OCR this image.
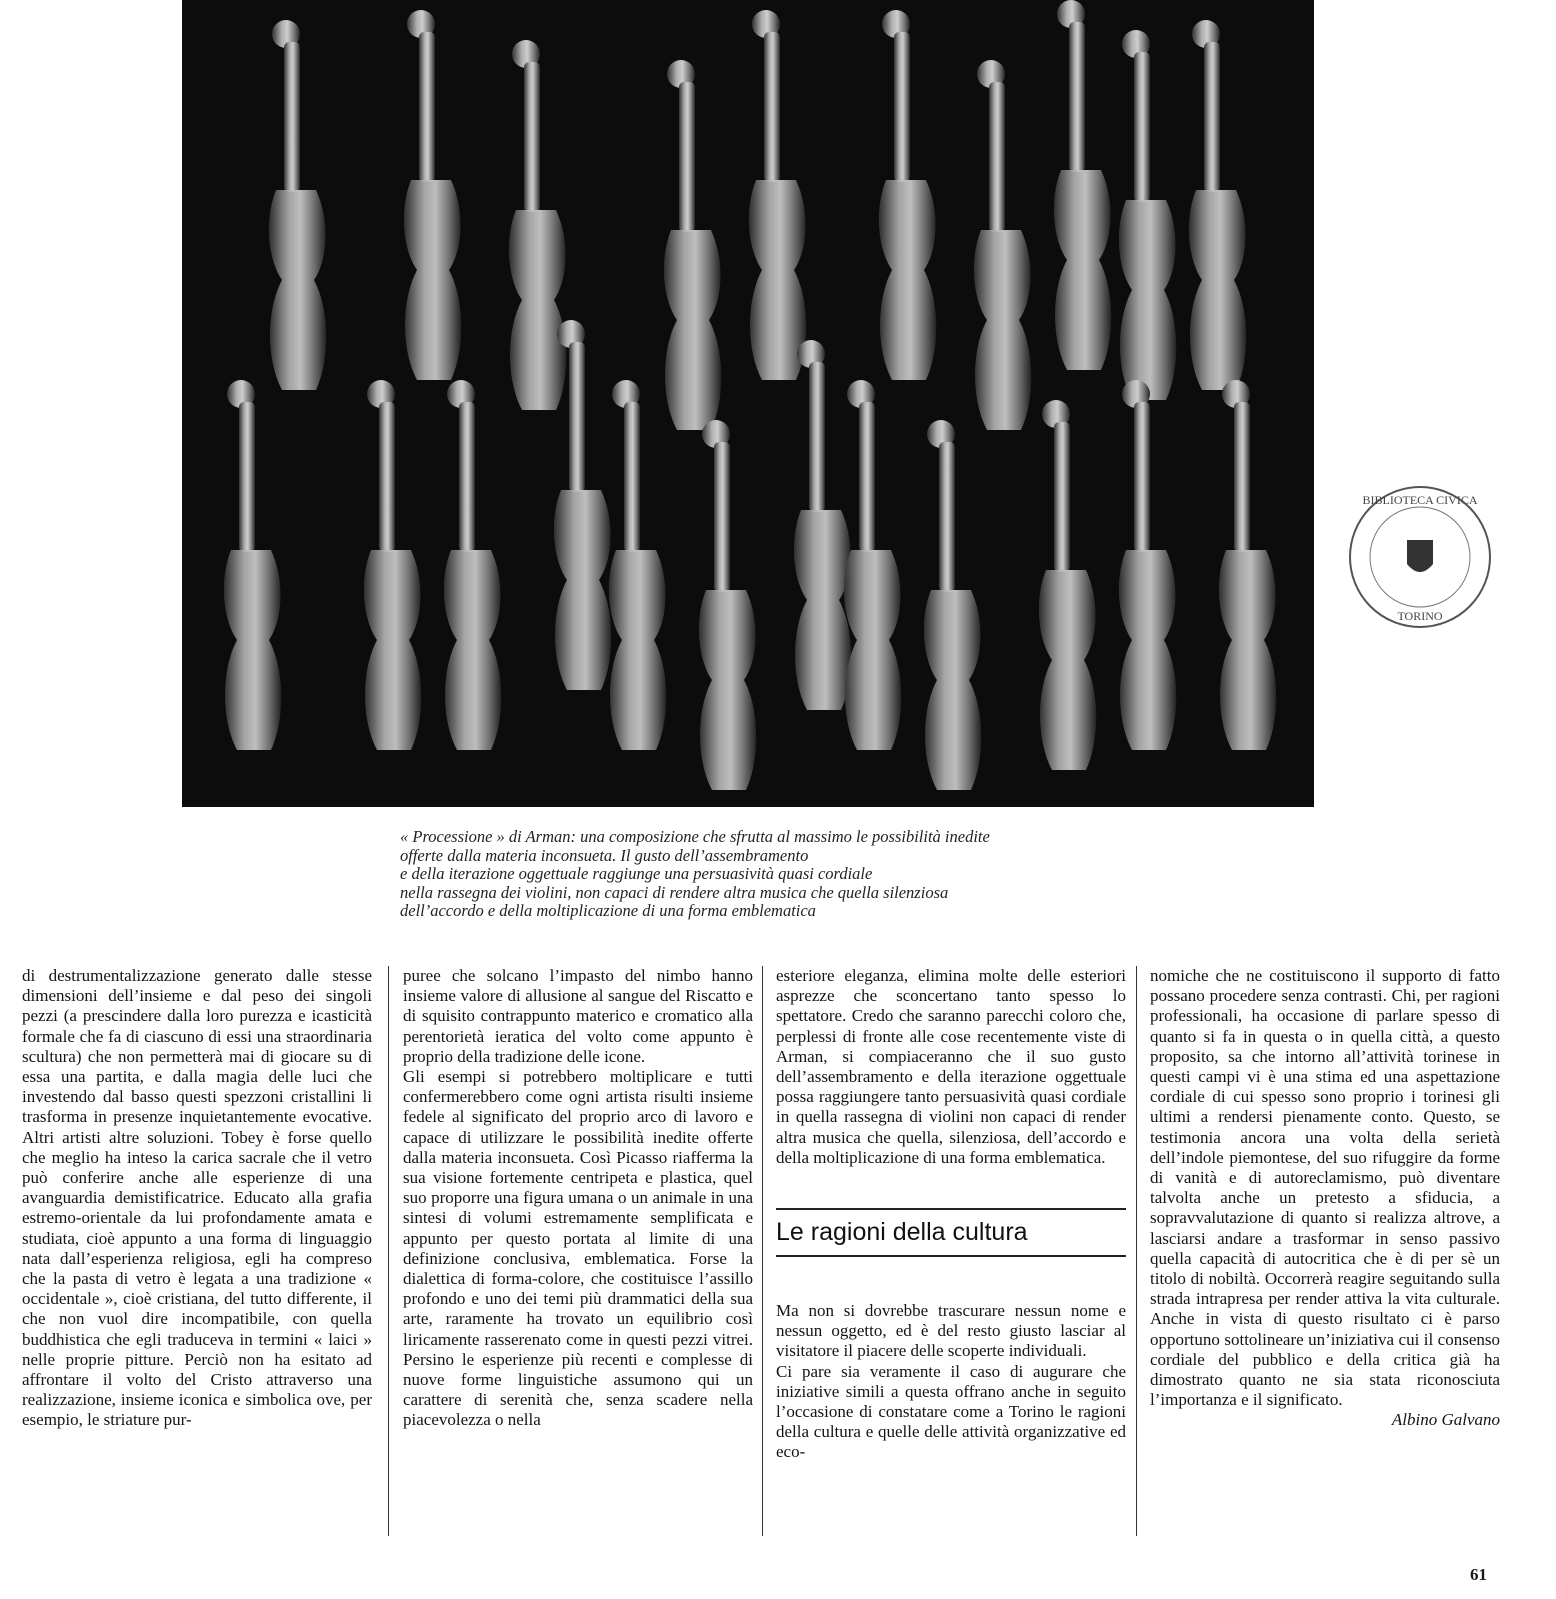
BIBLIOTECA CIVICA
TORINO

« Processione » di Arman: una composizione che sfrutta al massimo le possibilità inedite

offerte dalla materia inconsueta. Il gusto dell’assembramento

e della iterazione oggettuale raggiunge una persuasività quasi cordiale

nella rassegna dei violini, non capaci di rendere altra musica che quella silenziosa

dell’accordo e della moltiplicazione di una forma emblematica

di destrumentalizzazione generato dalle stesse dimensioni dell’insieme e dal peso dei singoli pezzi (a prescindere dalla loro purezza e icasticità formale che fa di ciascuno di essi una straordinaria scultura) che non permetterà mai di giocare su di essa una partita, e dalla magia delle luci che investendo dal basso questi spezzoni cristallini li trasforma in presenze inquietantemente evocative. Altri artisti altre soluzioni. Tobey è forse quello che meglio ha inteso la carica sacrale che il vetro può conferire anche alle esperienze di una avanguardia demistificatrice. Educato alla grafia estremo-orientale da lui profondamente amata e studiata, cioè appunto a una forma di linguaggio nata dall’esperienza religiosa, egli ha compreso che la pasta di vetro è legata a una tradizione « occidentale », cioè cristiana, del tutto differente, il che non vuol dire incompatibile, con quella buddhistica che egli traduceva in termini « laici » nelle proprie pitture. Perciò non ha esitato ad affrontare il volto del Cristo attraverso una realizzazione, insieme iconica e simbolica ove, per esempio, le striature pur-

puree che solcano l’impasto del nimbo hanno insieme valore di allusione al sangue del Riscatto e di squisito contrappunto materico e cromatico alla perentorietà ieratica del volto come appunto è proprio della tradizione delle icone.

Gli esempi si potrebbero moltiplicare e tutti confermerebbero come ogni artista risulti insieme fedele al significato del proprio arco di lavoro e capace di utilizzare le possibilità inedite offerte dalla materia inconsueta. Così Picasso riafferma la sua visione fortemente centripeta e plastica, quel suo proporre una figura umana o un animale in una sintesi di volumi estremamente semplificata e appunto per questo portata al limite di una definizione conclusiva, emblematica. Forse la dialettica di forma-colore, che costituisce l’assillo profondo e uno dei temi più drammatici della sua arte, raramente ha trovato un equilibrio così liricamente rasserenato come in questi pezzi vitrei. Persino le esperienze più recenti e complesse di nuove forme linguistiche assumono qui un carattere di serenità che, senza scadere nella piacevolezza o nella

esteriore eleganza, elimina molte delle esteriori asprezze che sconcertano tanto spesso lo spettatore. Credo che saranno parecchi coloro che, perplessi di fronte alle cose recentemente viste di Arman, si compiaceranno che il suo gusto dell’assembramento e della iterazione oggettuale possa raggiungere tanto persuasività quasi cordiale in quella rassegna di violini non capaci di render altra musica che quella, silenziosa, dell’accordo e della moltiplicazione di una forma emblematica.

Le ragioni della cultura

Ma non si dovrebbe trascurare nessun nome e nessun oggetto, ed è del resto giusto lasciar al visitatore il piacere delle scoperte individuali.

Ci pare sia veramente il caso di augurare che iniziative simili a questa offrano anche in seguito l’occasione di constatare come a Torino le ragioni della cultura e quelle delle attività organizzative ed eco-

nomiche che ne costituiscono il supporto di fatto possano procedere senza contrasti. Chi, per ragioni professionali, ha occasione di parlare spesso di quanto si fa in questa o in quella città, a questo proposito, sa che intorno all’attività torinese in questi campi vi è una stima ed una aspettazione cordiale di cui spesso sono proprio i torinesi gli ultimi a rendersi pienamente conto. Questo, se testimonia ancora una volta della serietà dell’indole piemontese, del suo rifuggire da forme di vanità e di autoreclamismo, può diventare talvolta anche un pretesto a sfiducia, a sopravvalutazione di quanto si realizza altrove, a lasciarsi andare a trasformar in senso passivo quella capacità di autocritica che è di per sè un titolo di nobiltà. Occorrerà reagire seguitando sulla strada intrapresa per render attiva la vita culturale. Anche in vista di questo risultato ci è parso opportuno sottolineare un’iniziativa cui il consenso cordiale del pubblico e della critica già ha dimostrato quanto ne sia stata riconosciuta l’importanza e il significato.

Albino Galvano

61
